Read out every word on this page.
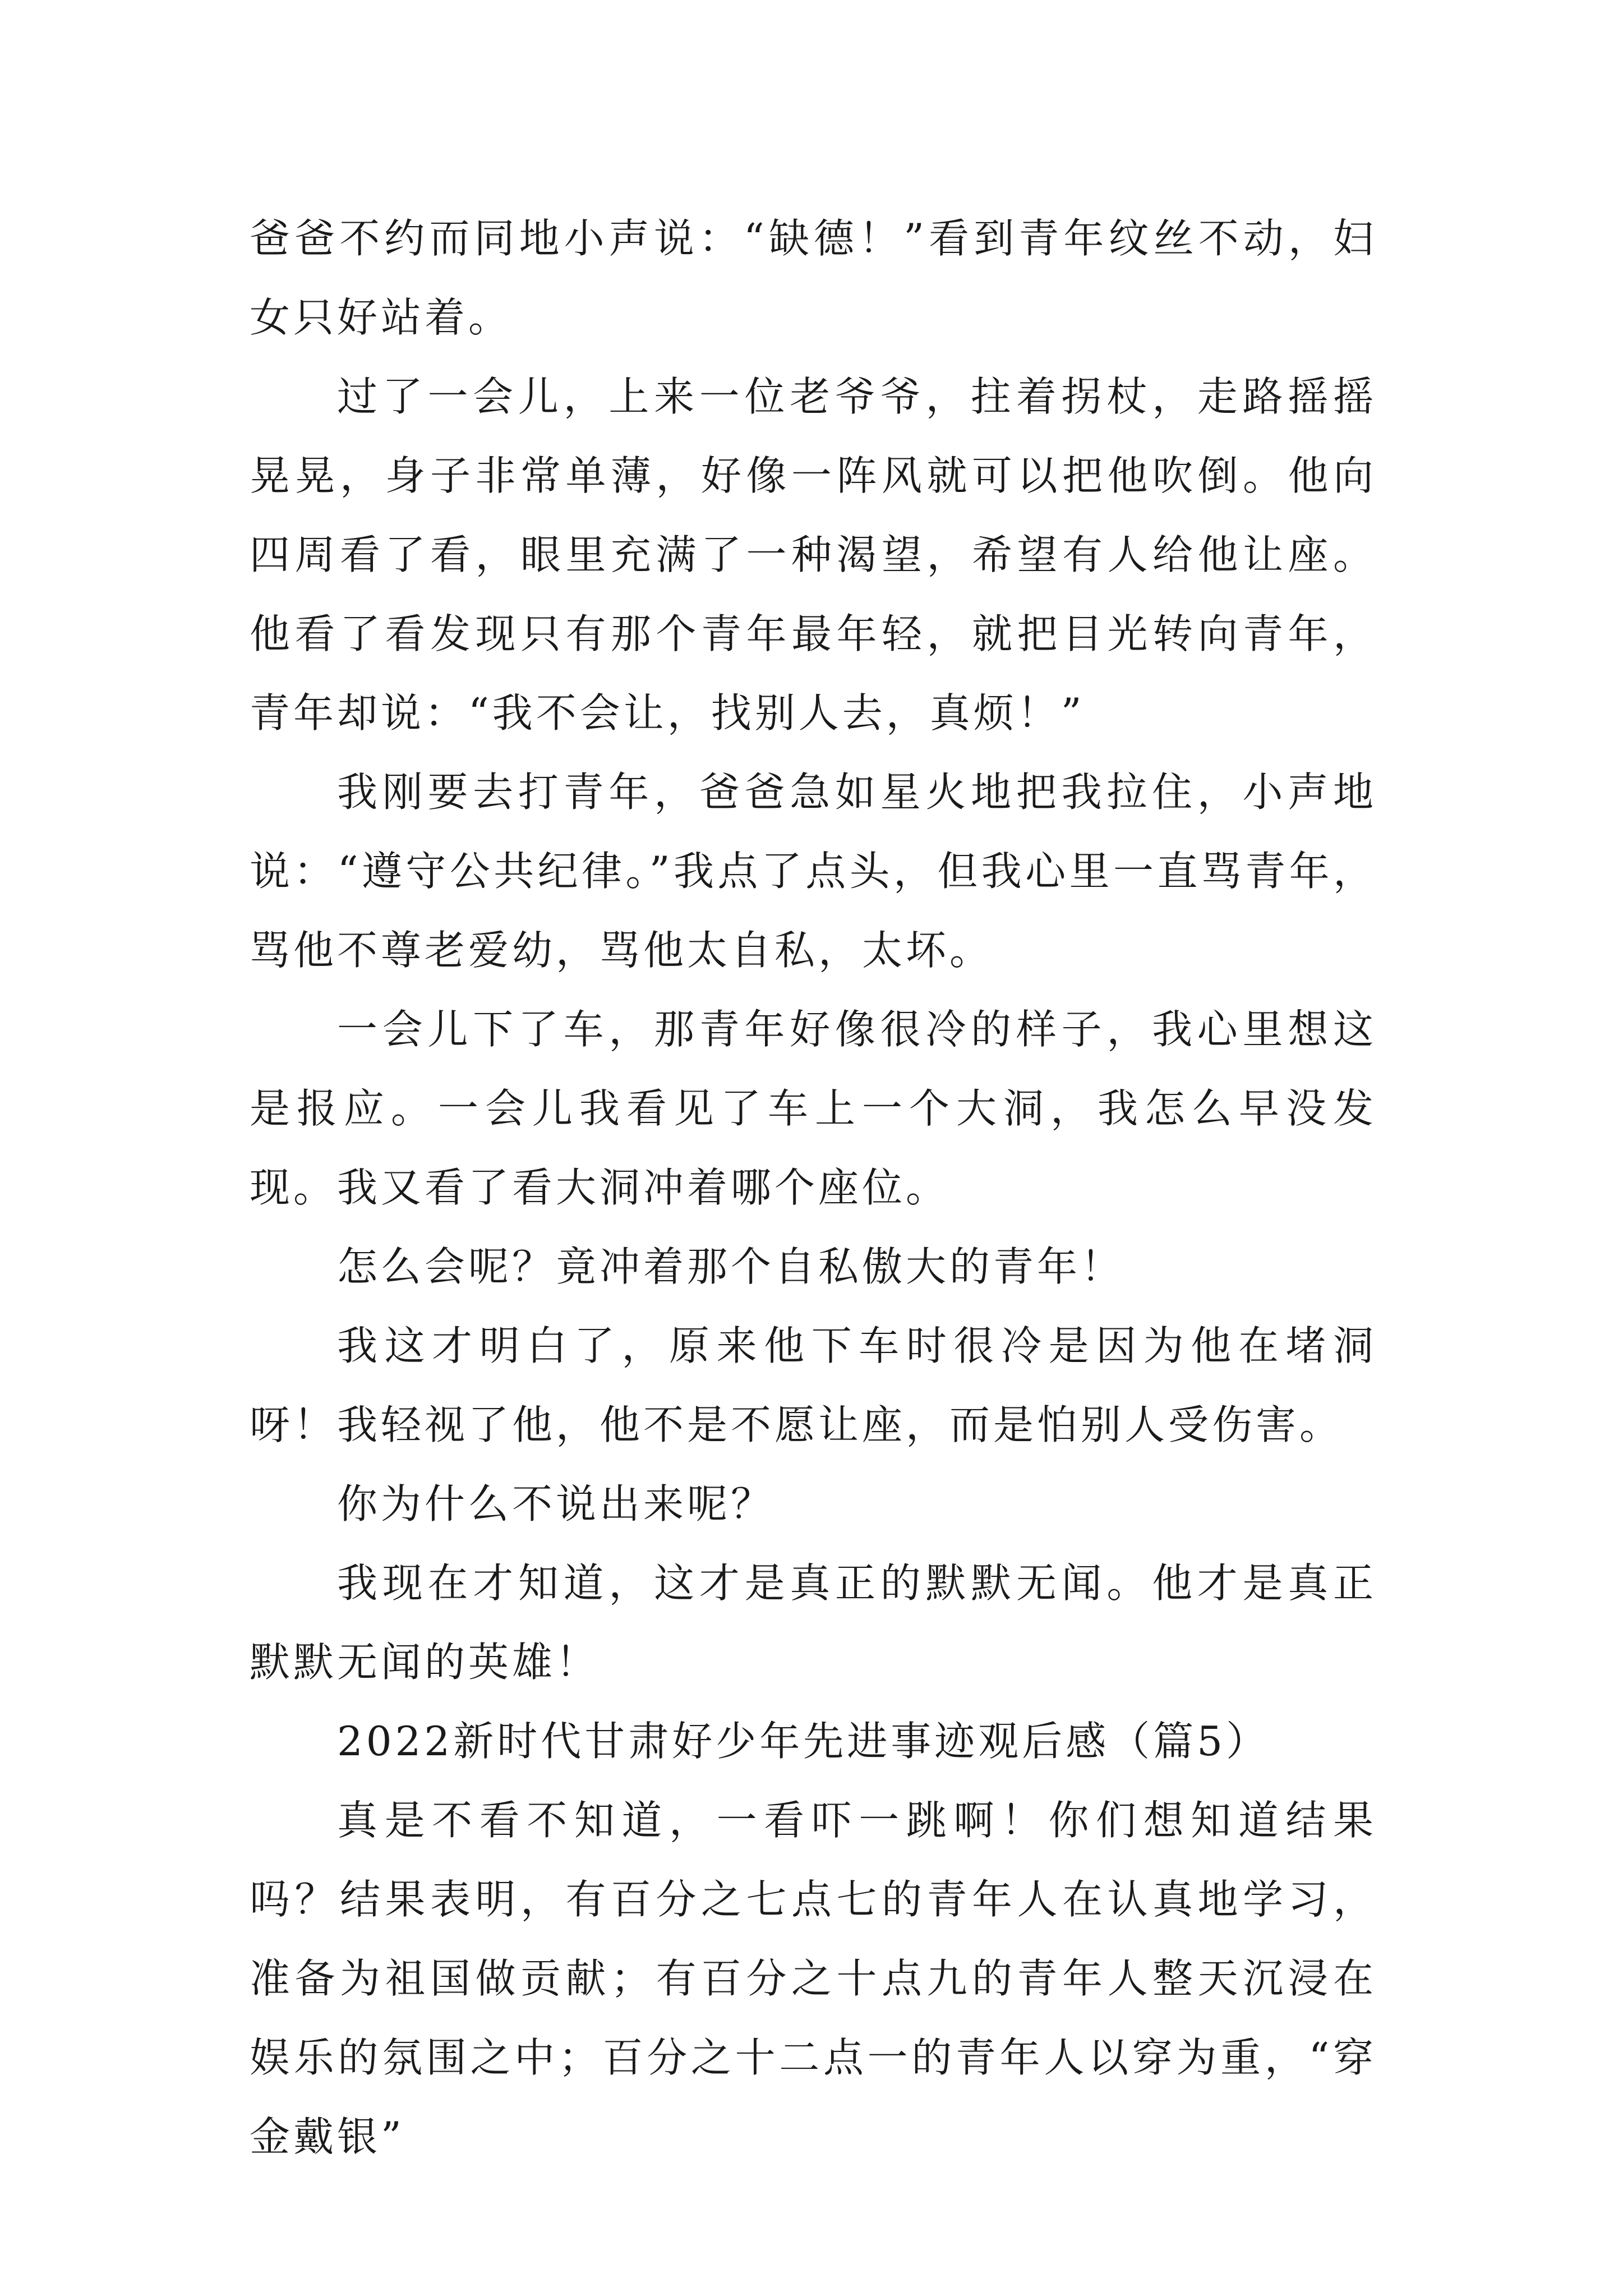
爸爸不约而同地小声说：“缺德！”看到青年纹丝不动，妇女只好站着。

过了一会儿，上来一位老爷爷，拄着拐杖，走路摇摇晃晃，身子非常单薄，好像一阵风就可以把他吹倒。他向四周看了看，眼里充满了一种渴望，希望有人给他让座。他看了看发现只有那个青年最年轻，就把目光转向青年，青年却说：“我不会让，找别人去，真烦！”

我刚要去打青年，爸爸急如星火地把我拉住，小声地说：“遵守公共纪律。”我点了点头，但我心里一直骂青年，骂他不尊老爱幼，骂他太自私，太坏。

一会儿下了车，那青年好像很冷的样子，我心里想这是报应。一会儿我看见了车上一个大洞，我怎么早没发现。我又看了看大洞冲着哪个座位。

怎么会呢？竟冲着那个自私傲大的青年！

我这才明白了，原来他下车时很冷是因为他在堵洞呀！我轻视了他，他不是不愿让座，而是怕别人受伤害。

你为什么不说出来呢？

我现在才知道，这才是真正的默默无闻。他才是真正默默无闻的英雄！

2022新时代甘肃好少年先进事迹观后感（篇5）

真是不看不知道，一看吓一跳啊！你们想知道结果吗？结果表明，有百分之七点七的青年人在认真地学习，准备为祖国做贡献；有百分之十点九的青年人整天沉浸在娱乐的氛围之中；百分之十二点一的青年人以穿为重，“穿金戴银”
